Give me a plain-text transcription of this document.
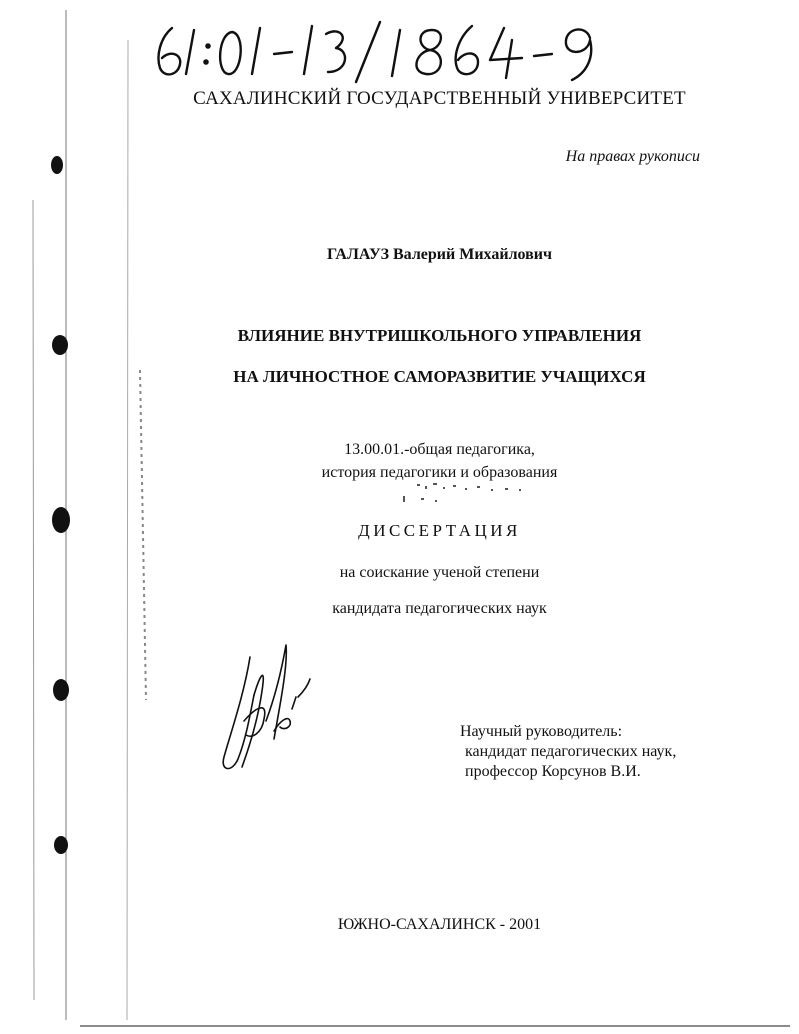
САХАЛИНСКИЙ ГОСУДАРСТВЕННЫЙ УНИВЕРСИТЕТ
На правах рукописи
ГАЛАУЗ Валерий Михайлович
ВЛИЯНИЕ ВНУТРИШКОЛЬНОГО УПРАВЛЕНИЯ
НА ЛИЧНОСТНОЕ САМОРАЗВИТИЕ УЧАЩИХСЯ
13.00.01.-общая педагогика,
история педагогики и образования
ДИССЕРТАЦИЯ
на соискание ученой степени
кандидата педагогических наук
Научный руководитель:
кандидат педагогических наук,
профессор Корсунов В.И.
ЮЖНО-САХАЛИНСК - 2001
